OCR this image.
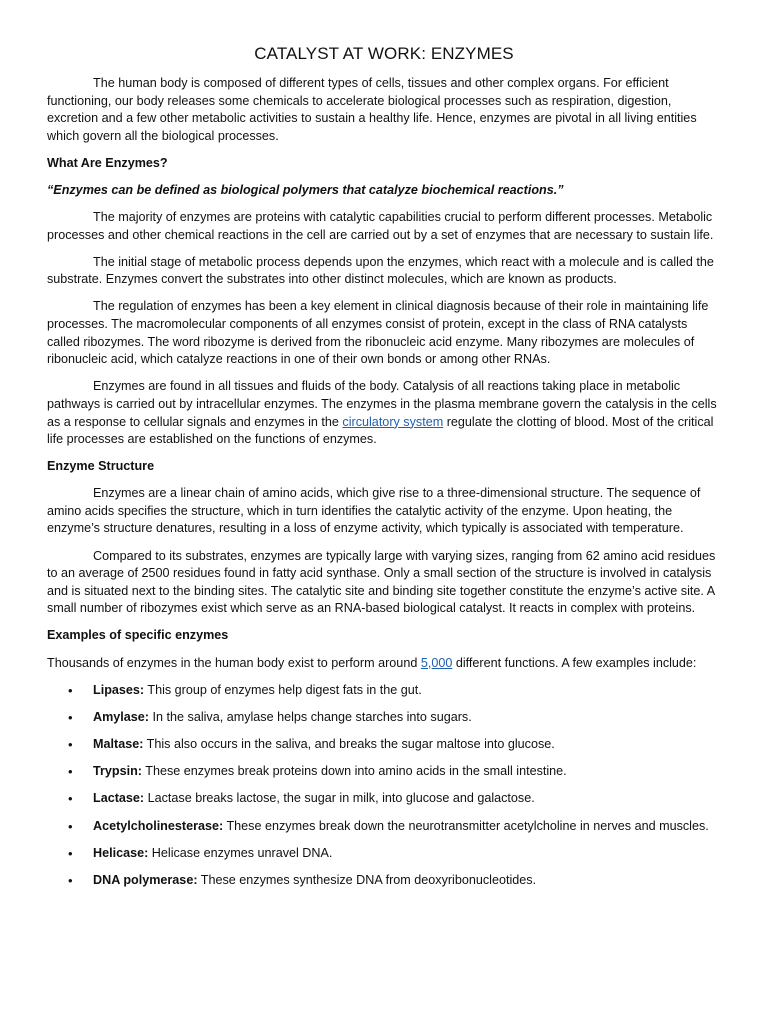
CATALYST AT WORK: ENZYMES

The human body is composed of different types of cells, tissues and other complex organs. For efficient functioning, our body releases some chemicals to accelerate biological processes such as respiration, digestion, excretion and a few other metabolic activities to sustain a healthy life. Hence, enzymes are pivotal in all living entities which govern all the biological processes.

What Are Enzymes?

“Enzymes can be defined as biological polymers that catalyze biochemical reactions.”

The majority of enzymes are proteins with catalytic capabilities crucial to perform different processes. Metabolic processes and other chemical reactions in the cell are carried out by a set of enzymes that are necessary to sustain life.

The initial stage of metabolic process depends upon the enzymes, which react with a molecule and is called the substrate. Enzymes convert the substrates into other distinct molecules, which are known as products.

The regulation of enzymes has been a key element in clinical diagnosis because of their role in maintaining life processes. The macromolecular components of all enzymes consist of protein, except in the class of RNA catalysts called ribozymes. The word ribozyme is derived from the ribonucleic acid enzyme. Many ribozymes are molecules of ribonucleic acid, which catalyze reactions in one of their own bonds or among other RNAs.

Enzymes are found in all tissues and fluids of the body. Catalysis of all reactions taking place in metabolic pathways is carried out by intracellular enzymes. The enzymes in the plasma membrane govern the catalysis in the cells as a response to cellular signals and enzymes in the circulatory system regulate the clotting of blood. Most of the critical life processes are established on the functions of enzymes.

Enzyme Structure

Enzymes are a linear chain of amino acids, which give rise to a three-dimensional structure. The sequence of amino acids specifies the structure, which in turn identifies the catalytic activity of the enzyme. Upon heating, the enzyme’s structure denatures, resulting in a loss of enzyme activity, which typically is associated with temperature.

Compared to its substrates, enzymes are typically large with varying sizes, ranging from 62 amino acid residues to an average of 2500 residues found in fatty acid synthase. Only a small section of the structure is involved in catalysis and is situated next to the binding sites. The catalytic site and binding site together constitute the enzyme’s active site. A small number of ribozymes exist which serve as an RNA-based biological catalyst. It reacts in complex with proteins.

Examples of specific enzymes

Thousands of enzymes in the human body exist to perform around 5,000 different functions. A few examples include:

• Lipases: This group of enzymes help digest fats in the gut.
• Amylase: In the saliva, amylase helps change starches into sugars.
• Maltase: This also occurs in the saliva, and breaks the sugar maltose into glucose.
• Trypsin: These enzymes break proteins down into amino acids in the small intestine.
• Lactase: Lactase breaks lactose, the sugar in milk, into glucose and galactose.
• Acetylcholinesterase: These enzymes break down the neurotransmitter acetylcholine in nerves and muscles.
• Helicase: Helicase enzymes unravel DNA.
• DNA polymerase: These enzymes synthesize DNA from deoxyribonucleotides.
